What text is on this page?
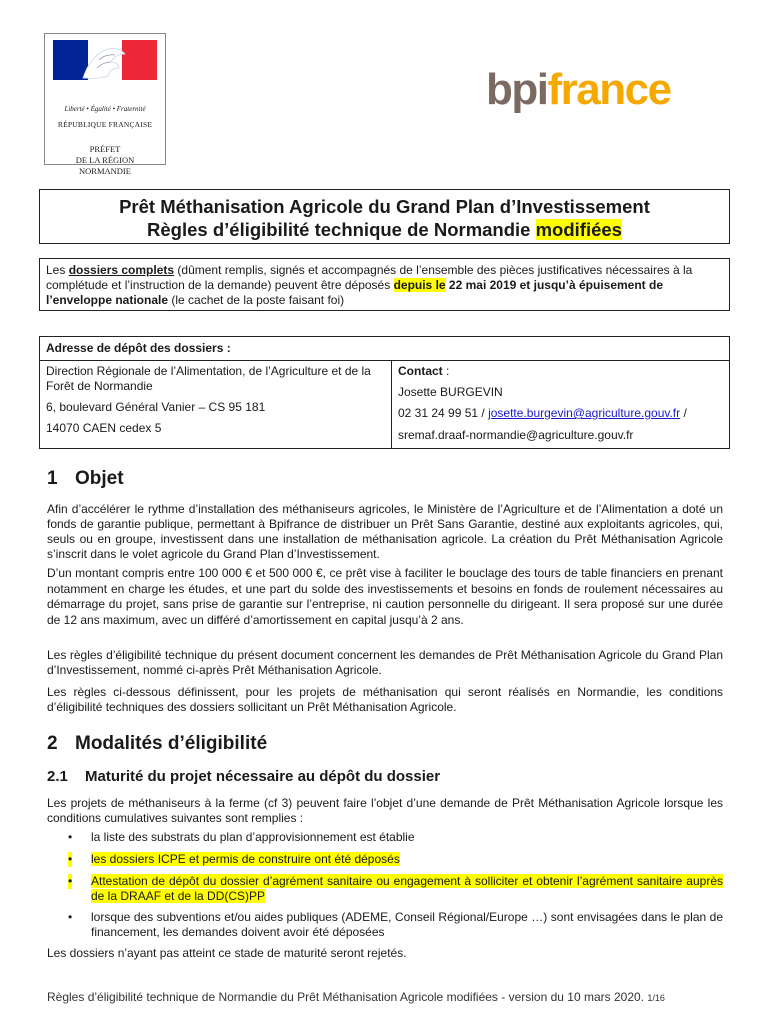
Liberté • Égalité • Fraternité
RÉPUBLIQUE FRANÇAISE
PRÉFET
DE LA RÉGION
NORMANDIE
bpifrance
Prêt Méthanisation Agricole du Grand Plan d’Investissement
Règles d’éligibilité technique de Normandie modifiées
Les dossiers complets (dûment remplis, signés et accompagnés de l’ensemble des pièces justificatives nécessaires à la complétude et l’instruction de la demande) peuvent être déposés depuis le 22 mai 2019 et jusqu’à épuisement de l’enveloppe nationale (le cachet de la poste faisant foi)
Adresse de dépôt des dossiers :

Direction Régionale de l’Alimentation, de l’Agriculture et de la Forêt de Normandie

6, boulevard Général Vanier – CS 95 181

14070 CAEN cedex 5

Contact :

Josette BURGEVIN

02 31 24 99 51 / josette.burgevin@agriculture.gouv.fr /

sremaf.draaf-normandie@agriculture.gouv.fr

1 Objet
Afin d’accélérer le rythme d’installation des méthaniseurs agricoles, le Ministère de l’Agriculture et de l’Alimentation a doté un fonds de garantie publique, permettant à Bpifrance de distribuer un Prêt Sans Garantie, destiné aux exploitants agricoles, qui, seuls ou en groupe, investissent dans une installation de méthanisation agricole. La création du Prêt Méthanisation Agricole s’inscrit dans le volet agricole du Grand Plan d’Investissement.
D’un montant compris entre 100 000 € et 500 000 €, ce prêt vise à faciliter le bouclage des tours de table financiers en prenant notamment en charge les études, et une part du solde des investissements et besoins en fonds de roulement nécessaires au démarrage du projet, sans prise de garantie sur l’entreprise, ni caution personnelle du dirigeant. Il sera proposé sur une durée de 12 ans maximum, avec un différé d’amortissement en capital jusqu’à 2 ans.
Les règles d’éligibilité technique du présent document concernent les demandes de Prêt Méthanisation Agricole du Grand Plan d’Investissement, nommé ci-après Prêt Méthanisation Agricole.
Les règles ci-dessous définissent, pour les projets de méthanisation qui seront réalisés en Normandie, les conditions d’éligibilité techniques des dossiers sollicitant un Prêt Méthanisation Agricole.
2 Modalités d’éligibilité
2.1 Maturité du projet nécessaire au dépôt du dossier
Les projets de méthaniseurs à la ferme (cf 3) peuvent faire l’objet d’une demande de Prêt Méthanisation Agricole lorsque les conditions cumulatives suivantes sont remplies :
• la liste des substrats du plan d’approvisionnement est établie
• les dossiers ICPE et permis de construire ont été déposés
• Attestation de dépôt du dossier d’agrément sanitaire ou engagement à solliciter et obtenir l’agrément sanitaire auprès de la DRAAF et de la DD(CS)PP
• lorsque des subventions et/ou aides publiques (ADEME, Conseil Régional/Europe …) sont envisagées dans le plan de financement, les demandes doivent avoir été déposées
Les dossiers n’ayant pas atteint ce stade de maturité seront rejetés.
Règles d’éligibilité technique de Normandie du Prêt Méthanisation Agricole modifiées - version du 10 mars 2020. 1/16
